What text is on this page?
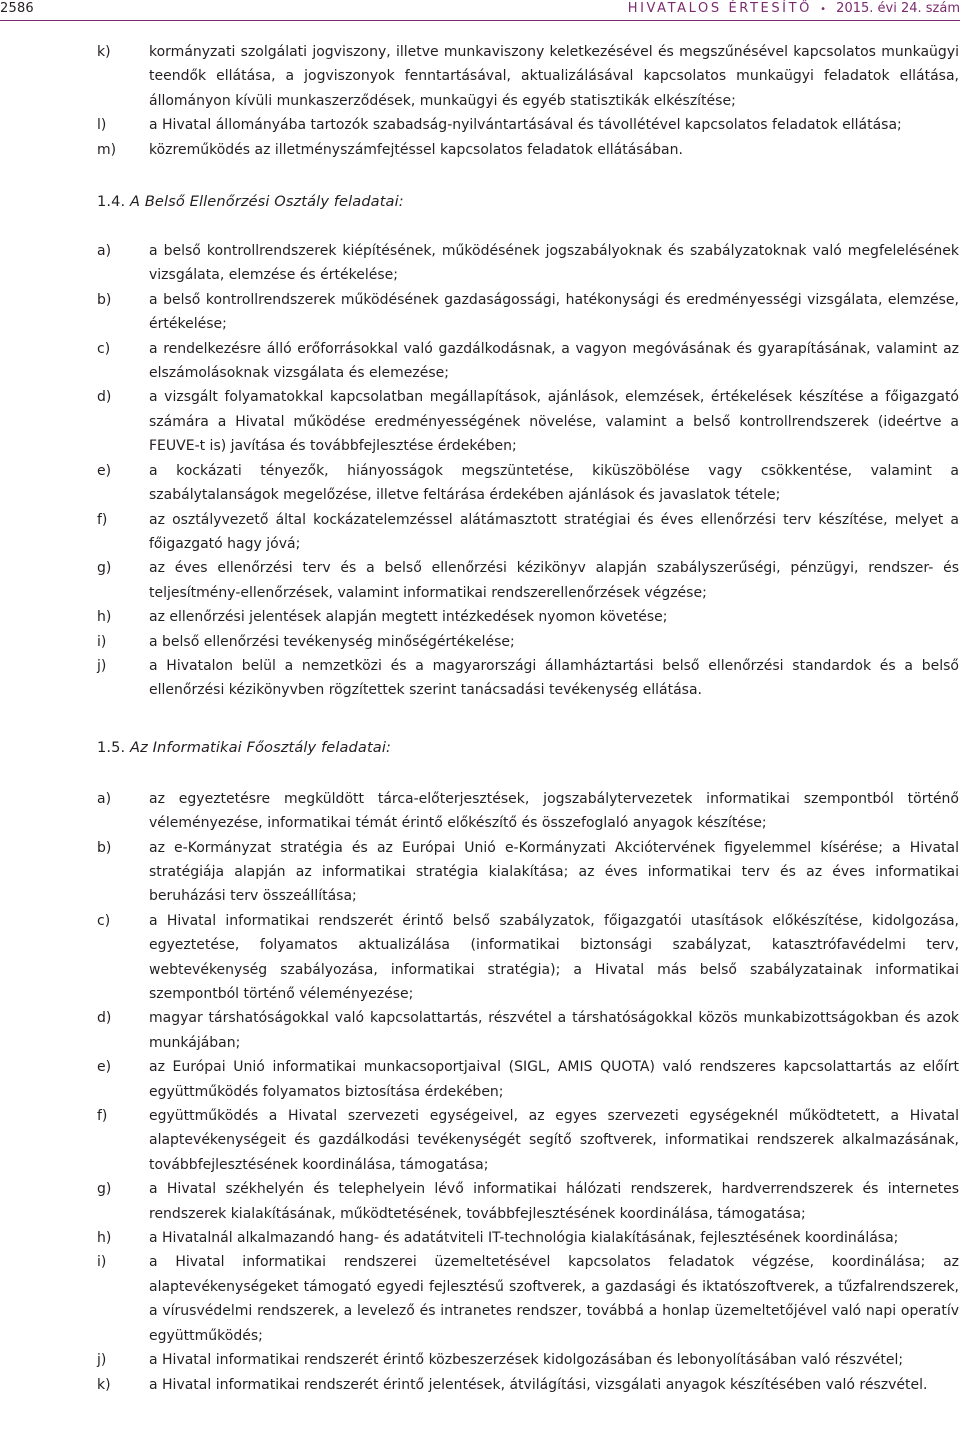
2586	HIVATALOS ÉRTESÍTŐ • 2015. évi 24. szám
k)	kormányzati szolgálati jogviszony, illetve munkaviszony keletkezésével és megszűnésével kapcsolatos munkaügyi teendők ellátása, a jogviszonyok fenntartásával, aktualizálásával kapcsolatos munkaügyi feladatok ellátása, állományon kívüli munkaszerződések, munkaügyi és egyéb statisztikák elkészítése;
l)	a Hivatal állományába tartozók szabadság-nyilvántartásával és távollétével kapcsolatos feladatok ellátása;
m)	közreműködés az illetményszámfejtéssel kapcsolatos feladatok ellátásában.

1.4. A Belső Ellenőrzési Osztály feladatai:

a)	a belső kontrollrendszerek kiépítésének, működésének jogszabályoknak és szabályzatoknak való megfelelésének vizsgálata, elemzése és értékelése;
b)	a belső kontrollrendszerek működésének gazdaságossági, hatékonysági és eredményességi vizsgálata, elemzése, értékelése;
c)	a rendelkezésre álló erőforrásokkal való gazdálkodásnak, a vagyon megóvásának és gyarapításának, valamint az elszámolásoknak vizsgálata és elemezése;
d)	a vizsgált folyamatokkal kapcsolatban megállapítások, ajánlások, elemzések, értékelések készítése a főigazgató számára a Hivatal működése eredményességének növelése, valamint a belső kontrollrendszerek (ideértve a FEUVE-t is) javítása és továbbfejlesztése érdekében;
e)	a kockázati tényezők, hiányosságok megszüntetése, kiküszöbölése vagy csökkentése, valamint a szabálytalanságok megelőzése, illetve feltárása érdekében ajánlások és javaslatok tétele;
f)	az osztályvezető által kockázatelemzéssel alátámasztott stratégiai és éves ellenőrzési terv készítése, melyet a főigazgató hagy jóvá;
g)	az éves ellenőrzési terv és a belső ellenőrzési kézikönyv alapján szabályszerűségi, pénzügyi, rendszer- és teljesítmény-ellenőrzések, valamint informatikai rendszerellenőrzések végzése;
h)	az ellenőrzési jelentések alapján megtett intézkedések nyomon követése;
i)	a belső ellenőrzési tevékenység minőségértékelése;
j)	a Hivatalon belül a nemzetközi és a magyarországi államháztartási belső ellenőrzési standardok és a belső ellenőrzési kézikönyvben rögzítettek szerint tanácsadási tevékenység ellátása.

1.5. Az Informatikai Főosztály feladatai:

a)	az egyeztetésre megküldött tárca-előterjesztések, jogszabálytervezetek informatikai szempontból történő véleményezése, informatikai témát érintő előkészítő és összefoglaló anyagok készítése;
b)	az e-Kormányzat stratégia és az Európai Unió e-Kormányzati Akciótervének figyelemmel kísérése; a Hivatal stratégiája alapján az informatikai stratégia kialakítása; az éves informatikai terv és az éves informatikai beruházási terv összeállítása;
c)	a Hivatal informatikai rendszerét érintő belső szabályzatok, főigazgatói utasítások előkészítése, kidolgozása, egyeztetése, folyamatos aktualizálása (informatikai biztonsági szabályzat, katasztrófavédelmi terv, webtevékenység szabályozása, informatikai stratégia); a Hivatal más belső szabályzatainak informatikai szempontból történő véleményezése;
d)	magyar társhatóságokkal való kapcsolattartás, részvétel a társhatóságokkal közös munkabizottságokban és azok munkájában;
e)	az Európai Unió informatikai munkacsoportjaival (SIGL, AMIS QUOTA) való rendszeres kapcsolattartás az előírt együttműködés folyamatos biztosítása érdekében;
f)	együttműködés a Hivatal szervezeti egységeivel, az egyes szervezeti egységeknél működtetett, a Hivatal alaptevékenységeit és gazdálkodási tevékenységét segítő szoftverek, informatikai rendszerek alkalmazásának, továbbfejlesztésének koordinálása, támogatása;
g)	a Hivatal székhelyén és telephelyein lévő informatikai hálózati rendszerek, hardverrendszerek és internetes rendszerek kialakításának, működtetésének, továbbfejlesztésének koordinálása, támogatása;
h)	a Hivatalnál alkalmazandó hang- és adatátviteli IT-technológia kialakításának, fejlesztésének koordinálása;
i)	a Hivatal informatikai rendszerei üzemeltetésével kapcsolatos feladatok végzése, koordinálása; az alaptevékenységeket támogató egyedi fejlesztésű szoftverek, a gazdasági és iktatószoftverek, a tűzfalrendszerek, a vírusvédelmi rendszerek, a levelező és intranetes rendszer, továbbá a honlap üzemeltetőjével való napi operatív együttműködés;
j)	a Hivatal informatikai rendszerét érintő közbeszerzések kidolgozásában és lebonyolításában való részvétel;
k)	a Hivatal informatikai rendszerét érintő jelentések, átvilágítási, vizsgálati anyagok készítésében való részvétel.
